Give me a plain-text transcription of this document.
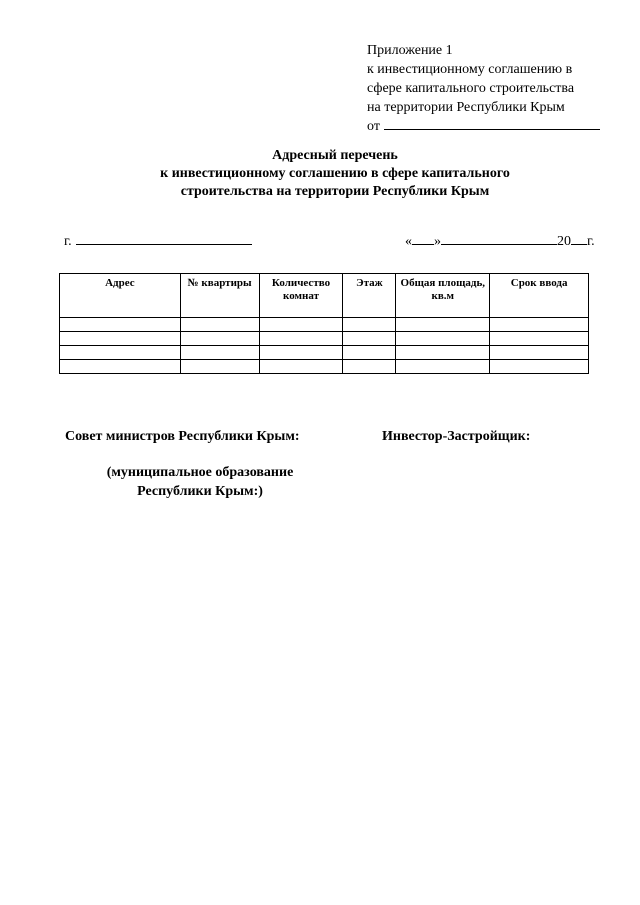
Приложение 1
к инвестиционному соглашению в
сфере капитального строительства
на территории Республики Крым
от
Адресный перечень
к инвестиционному соглашению в сфере капитального
строительства на территории Республики Крым
г.	« »	20 г.
Адрес	№ квартиры	Количество комнат	Этаж	Общая площадь, кв.м	Срок ввода

Совет министров Республики Крым:	Инвестор-Застройщик:
(муниципальное образование
Республики Крым:)
